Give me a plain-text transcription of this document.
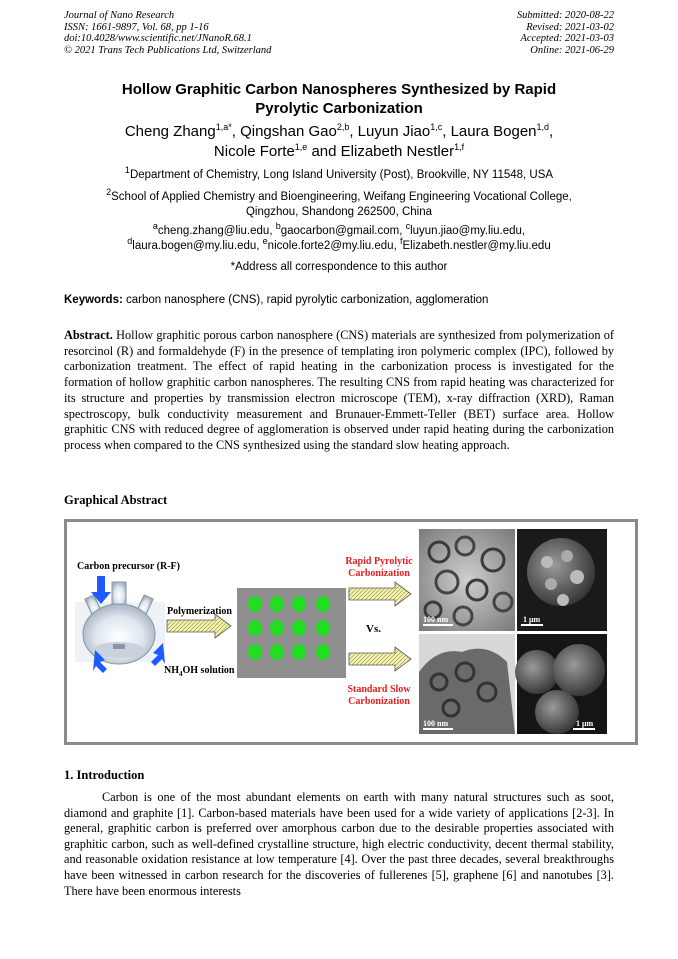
Journal of Nano Research
ISSN: 1661-9897, Vol. 68, pp 1-16
doi:10.4028/www.scientific.net/JNanoR.68.1
© 2021 Trans Tech Publications Ltd, Switzerland
Submitted: 2020-08-22
Revised: 2021-03-02
Accepted: 2021-03-03
Online: 2021-06-29
Hollow Graphitic Carbon Nanospheres Synthesized by Rapid
Pyrolytic Carbonization
Cheng Zhang$^{1,a*}$, Qingshan Gao$^{2,b}$, Luyun Jiao$^{1,c}$, Laura Bogen$^{1,d}$,
Nicole Forte$^{1,e}$ and Elizabeth Nestler$^{1,f}$
$^1$Department of Chemistry, Long Island University (Post), Brookville, NY 11548, USA
$^2$School of Applied Chemistry and Bioengineering, Weifang Engineering Vocational College,
Qingzhou, Shandong 262500, China
$^a$cheng.zhang@liu.edu, $^b$gaocarbon@gmail.com, $^c$luyun.jiao@my.liu.edu,
$^d$laura.bogen@my.liu.edu, $^e$nicole.forte2@my.liu.edu, $^f$Elizabeth.nestler@my.liu.edu
*Address all correspondence to this author
Keywords: carbon nanosphere (CNS), rapid pyrolytic carbonization, agglomeration
Abstract. Hollow graphitic porous carbon nanosphere (CNS) materials are synthesized from polymerization of resorcinol (R) and formaldehyde (F) in the presence of templating iron polymeric complex (IPC), followed by carbonization treatment. The effect of rapid heating in the carbonization process is investigated for the formation of hollow graphitic carbon nanospheres. The resulting CNS from rapid heating was characterized for its structure and properties by transmission electron microscope (TEM), x-ray diffraction (XRD), Raman spectroscopy, bulk conductivity measurement and Brunauer-Emmett-Teller (BET) surface area. Hollow graphitic CNS with reduced degree of agglomeration is observed under rapid heating during the carbonization process when compared to the CNS synthesized using the standard slow heating approach.
Graphical Abstract
Carbon precursor (R-F)
Polymerization
$NH_4OH$ solution
Rapid Pyrolytic
Carbonization
Vs.
Standard Slow
Carbonization
100 nm	1 μm
100 nm	1 μm
1. Introduction
Carbon is one of the most abundant elements on earth with many natural structures such as soot, diamond and graphite [1]. Carbon-based materials have been used for a wide variety of applications [2-3]. In general, graphitic carbon is preferred over amorphous carbon due to the desirable properties associated with graphitic carbon, such as well-defined crystalline structure, high electric conductivity, decent thermal stability, and reasonable oxidation resistance at low temperature [4]. Over the past three decades, several breakthroughs have been witnessed in carbon research for the discoveries of fullerenes [5], graphene [6] and nanotubes [3]. There have been enormous interests
